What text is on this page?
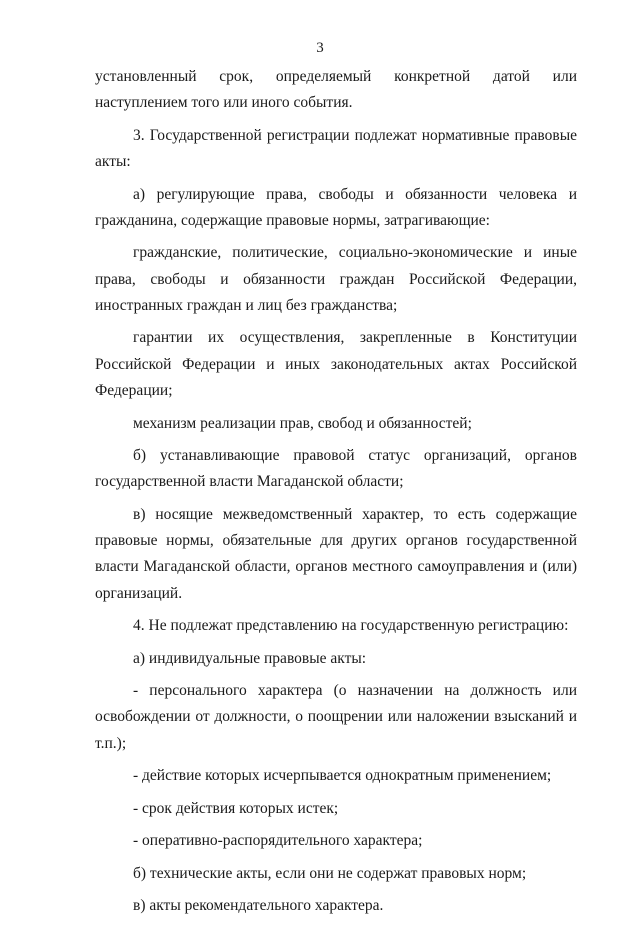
3

установленный срок, определяемый конкретной датой или наступлением того или иного события.

3. Государственной регистрации подлежат нормативные правовые акты:

а) регулирующие права, свободы и обязанности человека и гражданина, содержащие правовые нормы, затрагивающие:

гражданские, политические, социально-экономические и иные права, свободы и обязанности граждан Российской Федерации, иностранных граждан и лиц без гражданства;

гарантии их осуществления, закрепленные в Конституции Российской Федерации и иных законодательных актах Российской Федерации;

механизм реализации прав, свобод и обязанностей;

б) устанавливающие правовой статус организаций, органов государственной власти Магаданской области;

в) носящие межведомственный характер, то есть содержащие правовые нормы, обязательные для других органов государственной власти Магаданской области, органов местного самоуправления и (или) организаций.

4. Не подлежат представлению на государственную регистрацию:

а) индивидуальные правовые акты:

- персонального характера (о назначении на должность или освобождении от должности, о поощрении или наложении взысканий и т.п.);

- действие которых исчерпывается однократным применением;

- срок действия которых истек;

- оперативно-распорядительного характера;

б) технические акты, если они не содержат правовых норм;

в) акты рекомендательного характера.
